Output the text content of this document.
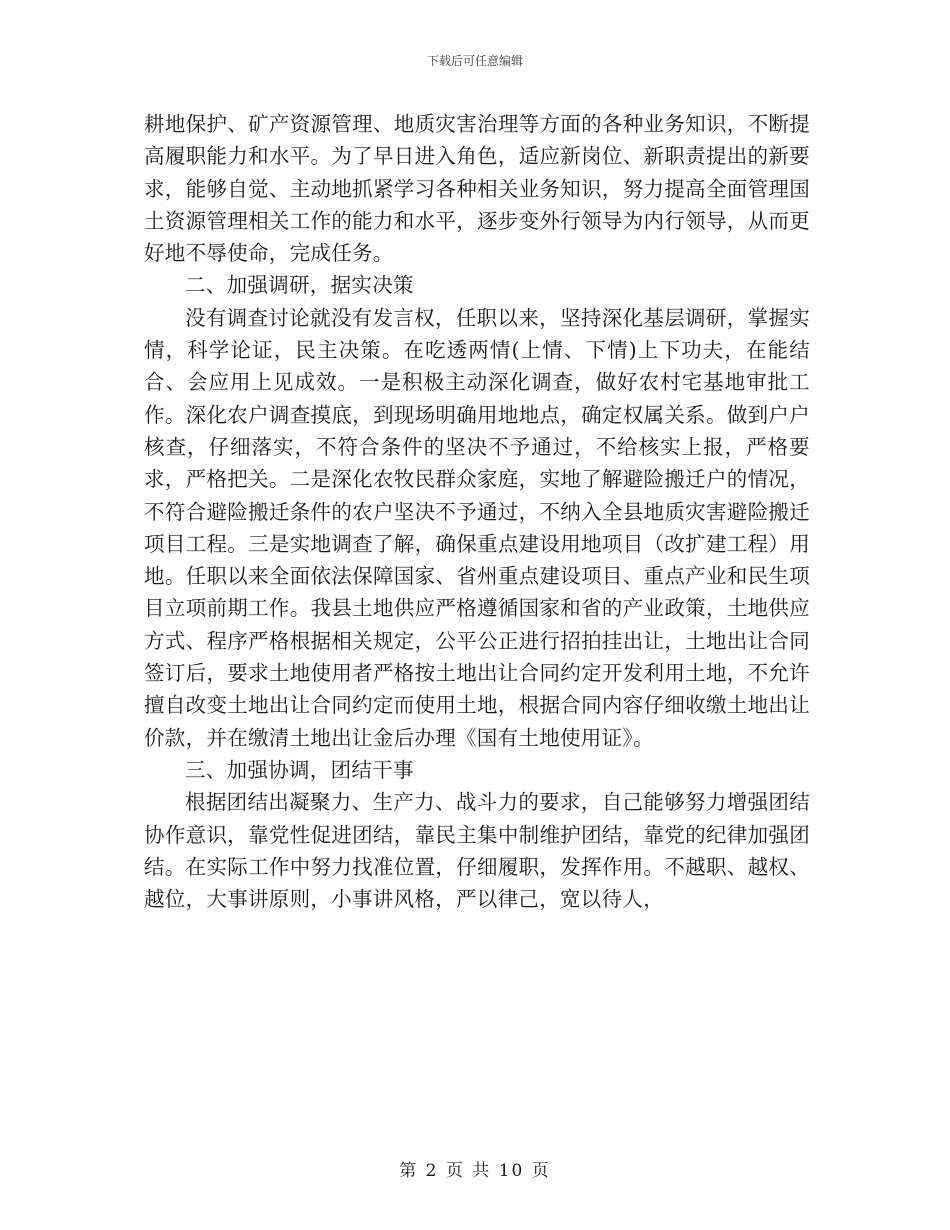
下载后可任意编辑

耕地保护、矿产资源管理、地质灾害治理等方面的各种业务知识，不断提高履职能力和水平。为了早日进入角色，适应新岗位、新职责提出的新要求，能够自觉、主动地抓紧学习各种相关业务知识，努力提高全面管理国土资源管理相关工作的能力和水平，逐步变外行领导为内行领导，从而更好地不辱使命，完成任务。

二、加强调研，据实决策

没有调查讨论就没有发言权，任职以来，坚持深化基层调研，掌握实情，科学论证，民主决策。在吃透两情(上情、下情)上下功夫，在能结合、会应用上见成效。一是积极主动深化调查，做好农村宅基地审批工作。深化农户调查摸底，到现场明确用地地点，确定权属关系。做到户户核查，仔细落实，不符合条件的坚决不予通过，不给核实上报，严格要求，严格把关。二是深化农牧民群众家庭，实地了解避险搬迁户的情况，不符合避险搬迁条件的农户坚决不予通过，不纳入全县地质灾害避险搬迁项目工程。三是实地调查了解，确保重点建设用地项目（改扩建工程）用地。任职以来全面依法保障国家、省州重点建设项目、重点产业和民生项目立项前期工作。我县土地供应严格遵循国家和省的产业政策，土地供应方式、程序严格根据相关规定，公平公正进行招拍挂出让，土地出让合同签订后，要求土地使用者严格按土地出让合同约定开发利用土地，不允许擅自改变土地出让合同约定而使用土地，根据合同内容仔细收缴土地出让价款，并在缴清土地出让金后办理《国有土地使用证》。

三、加强协调，团结干事

根据团结出凝聚力、生产力、战斗力的要求，自己能够努力增强团结协作意识，靠党性促进团结，靠民主集中制维护团结，靠党的纪律加强团结。在实际工作中努力找准位置，仔细履职，发挥作用。不越职、越权、越位，大事讲原则，小事讲风格，严以律己，宽以待人，

第 2 页 共 10 页
